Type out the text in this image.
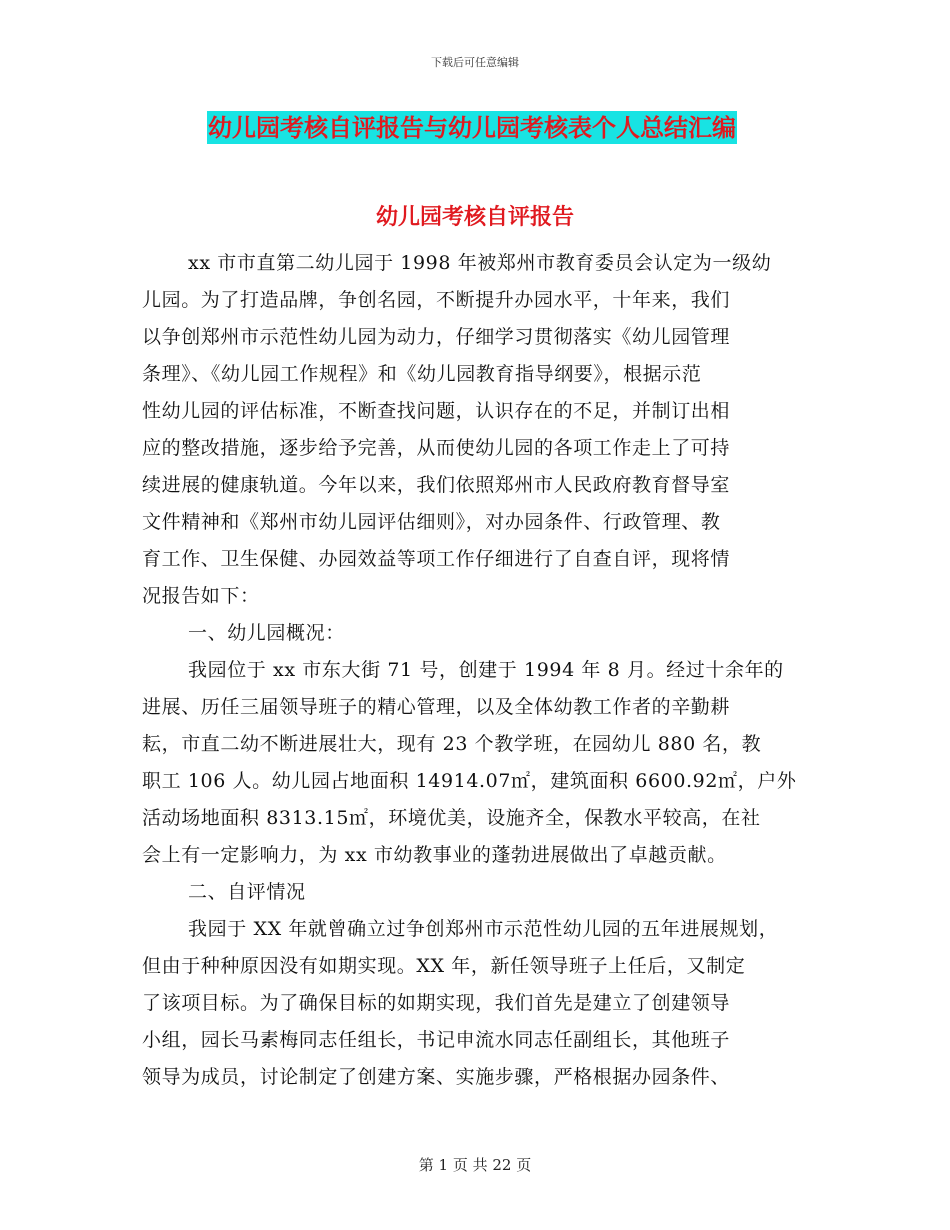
下载后可任意编辑
幼儿园考核自评报告与幼儿园考核表个人总结汇编
幼儿园考核自评报告
xx 市市直第二幼儿园于 1998 年被郑州市教育委员会认定为一级幼
儿园。为了打造品牌，争创名园，不断提升办园水平，十年来，我们
以争创郑州市示范性幼儿园为动力，仔细学习贯彻落实《幼儿园管理
条理》、《幼儿园工作规程》和《幼儿园教育指导纲要》，根据示范
性幼儿园的评估标准，不断查找问题，认识存在的不足，并制订出相
应的整改措施，逐步给予完善，从而使幼儿园的各项工作走上了可持
续进展的健康轨道。今年以来，我们依照郑州市人民政府教育督导室
文件精神和《郑州市幼儿园评估细则》，对办园条件、行政管理、教
育工作、卫生保健、办园效益等项工作仔细进行了自查自评，现将情
况报告如下：
一、幼儿园概况：
我园位于 xx 市东大街 71 号，创建于 1994 年 8 月。经过十余年的
进展、历任三届领导班子的精心管理，以及全体幼教工作者的辛勤耕
耘，市直二幼不断进展壮大，现有 23 个教学班，在园幼儿 880 名，教
职工 106 人。幼儿园占地面积 14914.07㎡，建筑面积 6600.92㎡，户外
活动场地面积 8313.15㎡，环境优美，设施齐全，保教水平较高，在社
会上有一定影响力，为 xx 市幼教事业的蓬勃进展做出了卓越贡献。
二、自评情况
我园于 XX 年就曾确立过争创郑州市示范性幼儿园的五年进展规划，
但由于种种原因没有如期实现。XX 年，新任领导班子上任后，又制定
了该项目标。为了确保目标的如期实现，我们首先是建立了创建领导
小组，园长马素梅同志任组长，书记申流水同志任副组长，其他班子
领导为成员，讨论制定了创建方案、实施步骤，严格根据办园条件、
第 1 页 共 22 页
